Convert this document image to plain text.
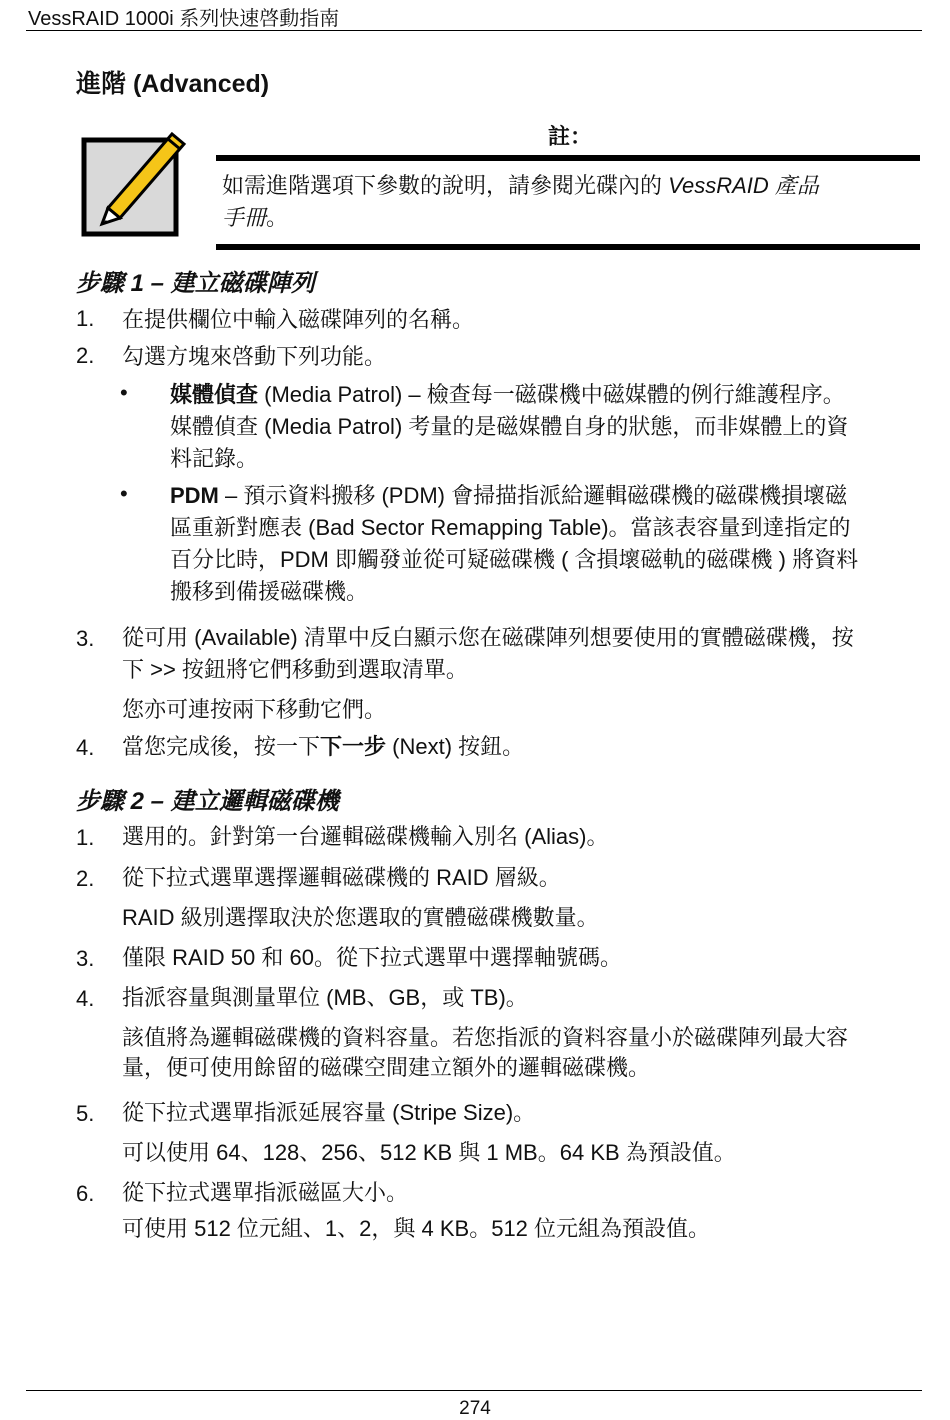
VessRAID 1000i 系列快速啓動指南
進階 (Advanced)
註：
如需進階選項下參數的說明，請參閱光碟內的 VessRAID 產品
手冊。
步驟 1 – 建立磁碟陣列
1. 在提供欄位中輸入磁碟陣列的名稱。
2. 勾選方塊來啓動下列功能。
• 媒體偵查 (Media Patrol) – 檢查每一磁碟機中磁媒體的例行維護程序。
媒體偵查 (Media Patrol) 考量的是磁媒體自身的狀態，而非媒體上的資
料記錄。
• PDM – 預示資料搬移 (PDM) 會掃描指派給邏輯磁碟機的磁碟機損壞磁
區重新對應表 (Bad Sector Remapping Table)。當該表容量到達指定的
百分比時，PDM 即觸發並從可疑磁碟機 ( 含損壞磁軌的磁碟機 ) 將資料
搬移到備援磁碟機。
3. 從可用 (Available) 清單中反白顯示您在磁碟陣列想要使用的實體磁碟機，按
下 >> 按鈕將它們移動到選取清單。
您亦可連按兩下移動它們。
4. 當您完成後，按一下下一步 (Next) 按鈕。
步驟 2 – 建立邏輯磁碟機
1. 選用的。針對第一台邏輯磁碟機輸入別名 (Alias)。
2. 從下拉式選單選擇邏輯磁碟機的 RAID 層級。
RAID 級別選擇取決於您選取的實體磁碟機數量。
3. 僅限 RAID 50 和 60。從下拉式選單中選擇軸號碼。
4. 指派容量與測量單位 (MB、GB，或 TB)。
該值將為邏輯磁碟機的資料容量。若您指派的資料容量小於磁碟陣列最大容
量，便可使用餘留的磁碟空間建立額外的邏輯磁碟機。
5. 從下拉式選單指派延展容量 (Stripe Size)。
可以使用 64、128、256、512 KB 與 1 MB。64 KB 為預設值。
6. 從下拉式選單指派磁區大小。
可使用 512 位元組、1、2，與 4 KB。512 位元組為預設值。
274
